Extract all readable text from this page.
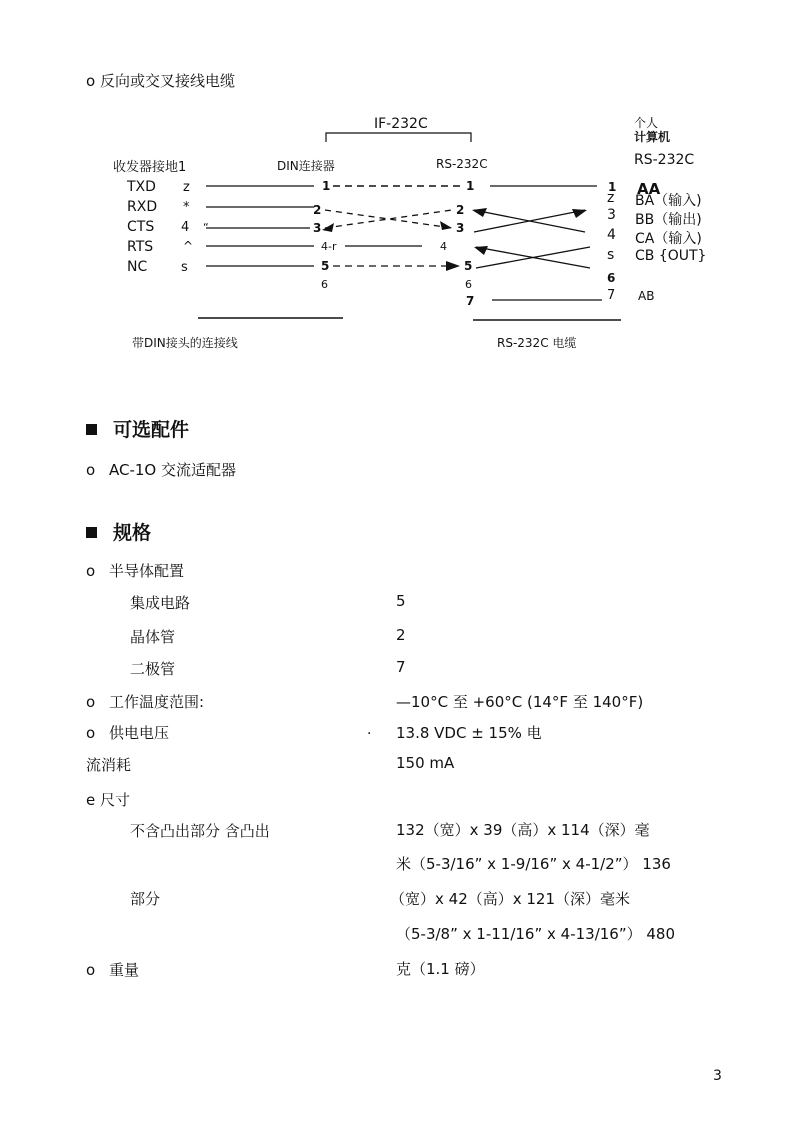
o 反向或交叉接线电缆
IF-232C	个人
计算机
RS-232C
收发器接地1	DIN连接器	RS-232C
TXD z
RXD *
CTS 4 “
RTS ^
NC	s
1
2
3
4-r
5
6
1
2
3
4
5
6
7
1
z
3
4
s
6
7
AA
BA（输入)
BB（输出)
CA（输入)
CB {OUT}
AB
带DIN接头的连接线	RS-232C 电缆
可选配件
o AC-1O 交流适配器
规格
o 半导体配置
集成电路	5
晶体管	2
二极管	7
o 工作温度范围:	—10°C 至 +60°C (14°F 至 140°F)
o 供电电压	. 13.8 VDC ± 15% 电
流消耗	150 mA
e 尺寸
不含凸出部分 含凸出	132（宽）x 39（高）x 114（深）毫
米（5-3/16” x 1-9/16” x 4-1/2”） 136
部分	（宽）x 42（高）x 121（深）毫米
（5-3/8” x 1-11/16” x 4-13/16”） 480
o 重量	克（1.1 磅）
3
